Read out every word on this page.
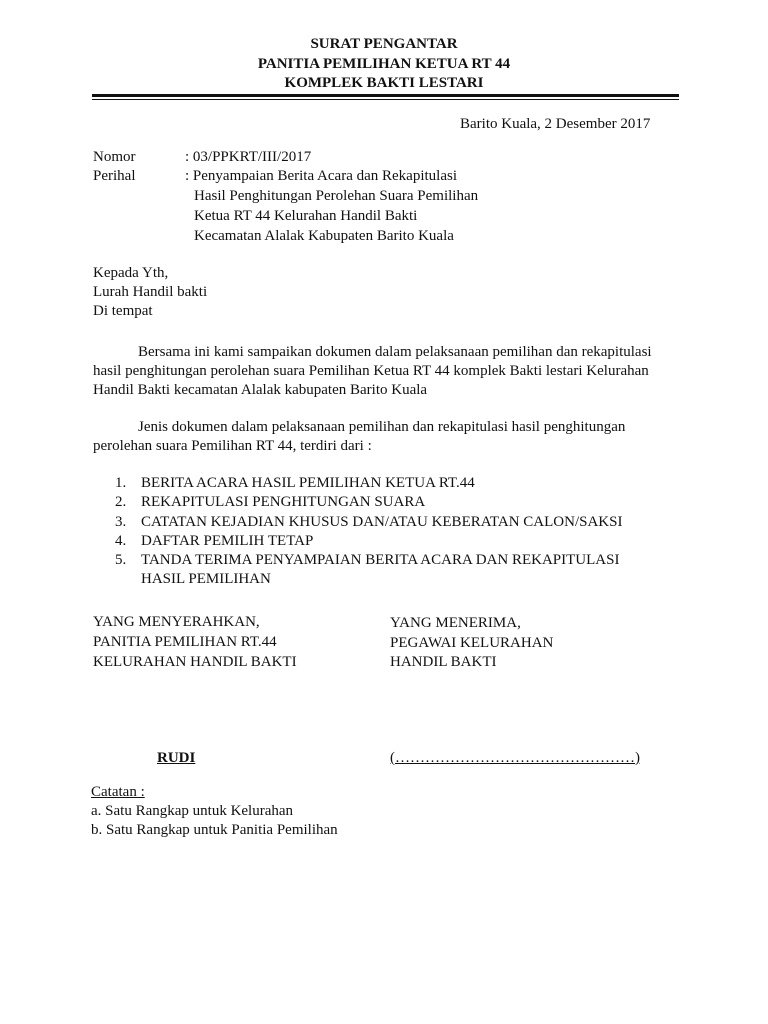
SURAT PENGANTAR
PANITIA PEMILIHAN KETUA RT 44
KOMPLEK BAKTI LESTARI
Barito Kuala, 2 Desember 2017
Nomor	: 03/PPKRT/III/2017
Perihal	: Penyampaian Berita Acara dan Rekapitulasi
Hasil Penghitungan Perolehan Suara Pemilihan
Ketua RT 44 Kelurahan Handil Bakti
Kecamatan Alalak Kabupaten Barito Kuala
Kepada Yth,
Lurah Handil bakti
Di tempat
Bersama ini kami sampaikan dokumen dalam pelaksanaan pemilihan dan rekapitulasi
hasil penghitungan perolehan suara Pemilihan Ketua RT 44 komplek Bakti lestari Kelurahan
Handil Bakti kecamatan Alalak kabupaten Barito Kuala
Jenis dokumen dalam pelaksanaan pemilihan dan rekapitulasi hasil penghitungan
perolehan suara Pemilihan RT 44, terdiri dari :
1. BERITA ACARA HASIL PEMILIHAN KETUA RT.44
2. REKAPITULASI PENGHITUNGAN SUARA
3. CATATAN KEJADIAN KHUSUS DAN/ATAU KEBERATAN CALON/SAKSI
4. DAFTAR PEMILIH TETAP
5. TANDA TERIMA PENYAMPAIAN BERITA ACARA DAN REKAPITULASI
HASIL PEMILIHAN
YANG MENYERAHKAN,
PANITIA PEMILIHAN RT.44
KELURAHAN HANDIL BAKTI
YANG MENERIMA,
PEGAWAI KELURAHAN
HANDIL BAKTI
RUDI	(…………………………………………)
Catatan :
a. Satu Rangkap untuk Kelurahan
b. Satu Rangkap untuk Panitia Pemilihan
